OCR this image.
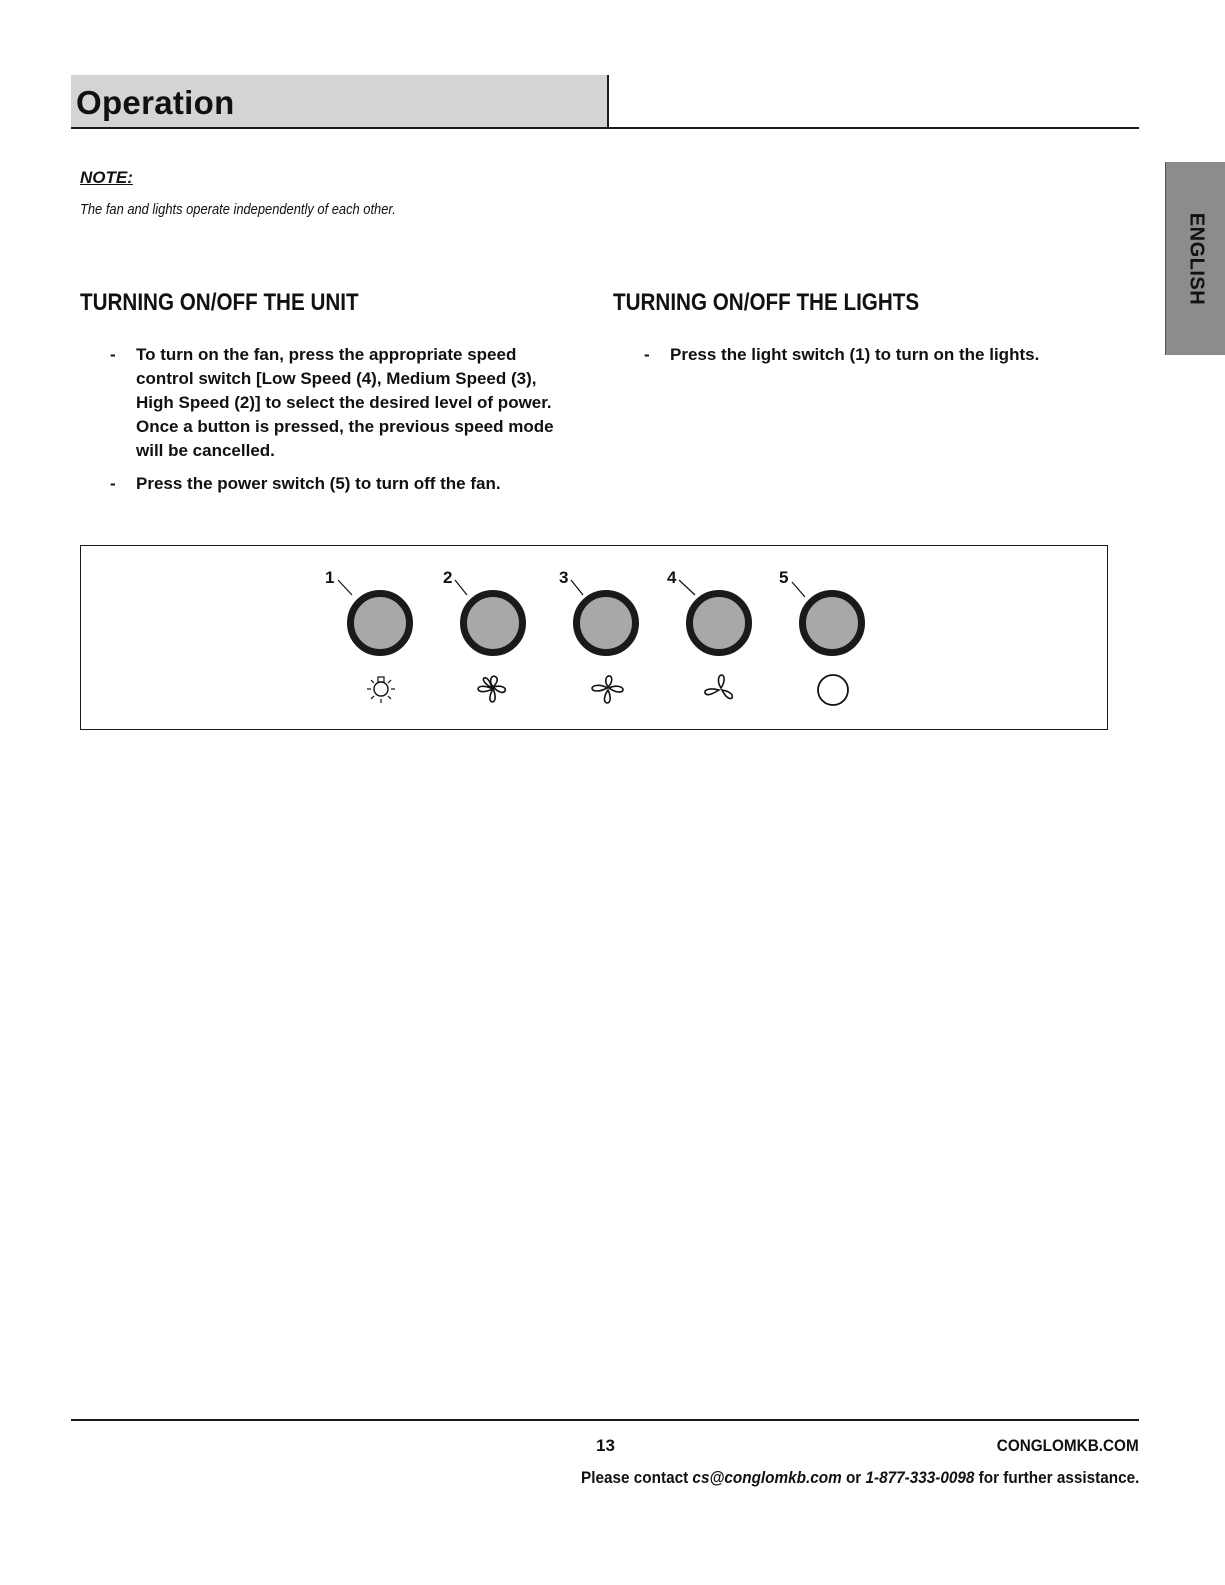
Operation
ENGLISH
NOTE:
The fan and lights operate independently of each other.
TURNING ON/OFF THE UNIT
- To turn on the fan, press the appropriate speed control switch [Low Speed (4), Medium Speed (3), High Speed (2)] to select the desired level of power. Once a button is pressed, the previous speed mode will be cancelled.
- Press the power switch (5) to turn off the fan.
TURNING ON/OFF THE LIGHTS
- Press the light switch (1) to turn on the lights.
1	2	3	4	5
13	CONGLOMKB.COM
Please contact cs@conglomkb.com or 1-877-333-0098 for further assistance.
